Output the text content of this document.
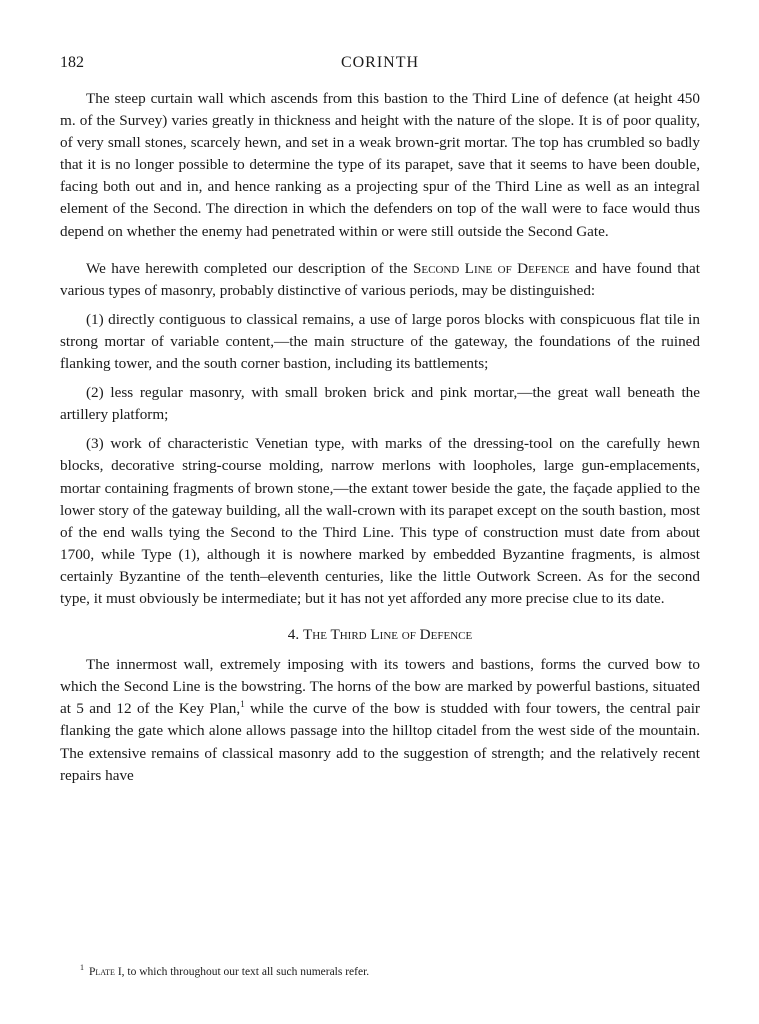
182	CORINTH

The steep curtain wall which ascends from this bastion to the Third Line of defence (at height 450 m. of the Survey) varies greatly in thickness and height with the nature of the slope. It is of poor quality, of very small stones, scarcely hewn, and set in a weak brown-grit mortar. The top has crumbled so badly that it is no longer possible to determine the type of its parapet, save that it seems to have been double, facing both out and in, and hence ranking as a projecting spur of the Third Line as well as an integral element of the Second. The direction in which the defenders on top of the wall were to face would thus depend on whether the enemy had penetrated within or were still outside the Second Gate.

We have herewith completed our description of the Second Line of Defence and have found that various types of masonry, probably distinctive of various periods, may be distinguished:

(1) directly contiguous to classical remains, a use of large poros blocks with conspicuous flat tile in strong mortar of variable content,—the main structure of the gateway, the foundations of the ruined flanking tower, and the south corner bastion, including its battlements;

(2) less regular masonry, with small broken brick and pink mortar,—the great wall beneath the artillery platform;

(3) work of characteristic Venetian type, with marks of the dressing-tool on the carefully hewn blocks, decorative string-course molding, narrow merlons with loopholes, large gun-emplacements, mortar containing fragments of brown stone,—the extant tower beside the gate, the façade applied to the lower story of the gateway building, all the wall-crown with its parapet except on the south bastion, most of the end walls tying the Second to the Third Line. This type of construction must date from about 1700, while Type (1), although it is nowhere marked by embedded Byzantine fragments, is almost certainly Byzantine of the tenth–eleventh centuries, like the little Outwork Screen. As for the second type, it must obviously be intermediate; but it has not yet afforded any more precise clue to its date.

4. The Third Line of Defence

The innermost wall, extremely imposing with its towers and bastions, forms the curved bow to which the Second Line is the bowstring. The horns of the bow are marked by powerful bastions, situated at 5 and 12 of the Key Plan,$^1$ while the curve of the bow is studded with four towers, the central pair flanking the gate which alone allows passage into the hilltop citadel from the west side of the mountain. The extensive remains of classical masonry add to the suggestion of strength; and the relatively recent repairs have

$^1$ Plate I, to which throughout our text all such numerals refer.
